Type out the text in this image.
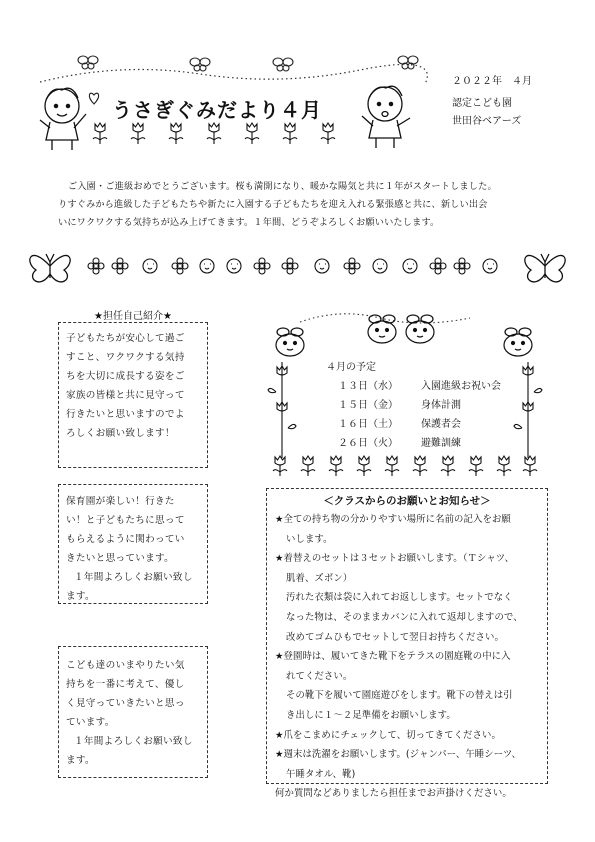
うさぎぐみだより４月
２０２２年　４月
認定こども園
世田谷ベアーズ
ご入園・ご進級おめでとうございます。桜も満開になり、暖かな陽気と共に１年がスタートしました。
りすぐみから進級した子どもたちや新たに入園する子どもたちを迎え入れる緊張感と共に、新しい出会
いにワクワクする気持ちが込み上げてきます。１年間、どうぞよろしくお願いいたします。
★担任自己紹介★
子どもたちが安心して過ご
すこと、ワクワクする気持
ちを大切に成長する姿をご
家族の皆様と共に見守って
行きたいと思いますのでよ
ろしくお願い致します！
保育園が楽しい！行きた
い！と子どもたちに思って
もらえるように関わってい
きたいと思っています。
１年間よろしくお願い致し
ます。
こども達のいまやりたい気
持ちを一番に考えて、優し
く見守っていきたいと思っ
ています。
１年間よろしくお願い致し
ます。
４月の予定
１３日（水）	入園進級お祝い会
１５日（金）	身体計測
１６日（土）	保護者会
２６日（火）	避難訓練
＜クラスからのお願いとお知らせ＞
★全ての持ち物の分かりやすい場所に名前の記入をお願
いします。
★着替えのセットは３セットお願いします。（Ｔシャツ、
肌着、ズボン）
汚れた衣類は袋に入れてお返しします。セットでなく
なった物は、そのままカバンに入れて返却しますので、
改めてゴムひもでセットして翌日お持ちください。
★登園時は、履いてきた靴下をテラスの園庭靴の中に入
れてください。
その靴下を履いて園庭遊びをします。靴下の替えは引
き出しに１～２足準備をお願いします。
★爪をこまめにチェックして、切ってきてください。
★週末は洗濯をお願いします。(ジャンパー、午睡シーツ、
午睡タオル、靴)
何か質問などありましたら担任までお声掛けください。
